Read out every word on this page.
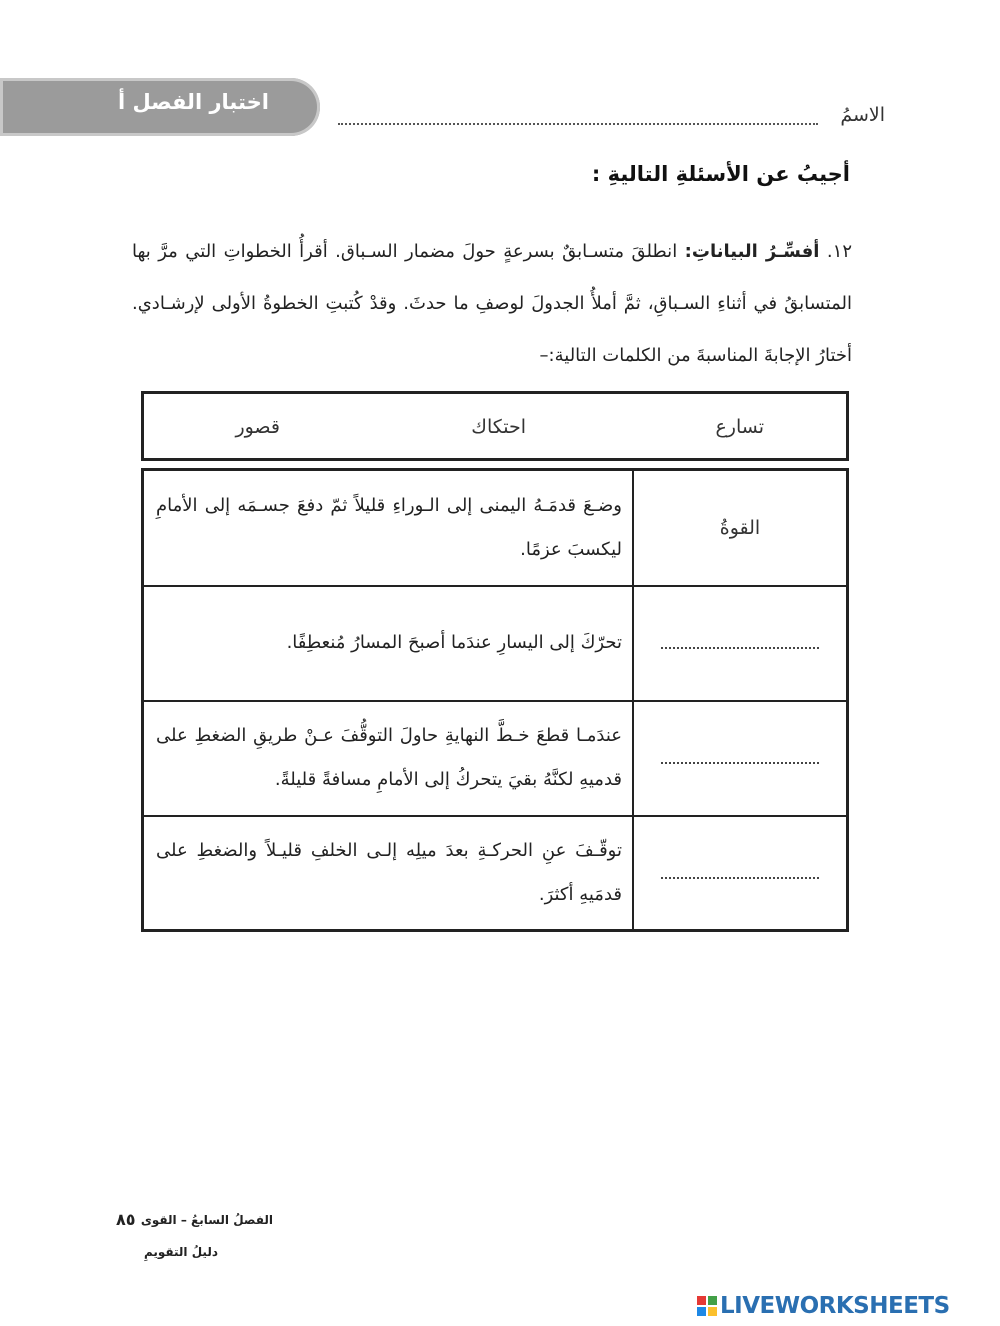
اختبار الفصل أ
الاسمُ
أجيبُ عن الأسئلةِ التاليةِ :
١٢. أفسِّـرُ البياناتِ: انطلقَ متسـابقٌ بسرعةٍ حولَ مضمار السـباق. أقرأُ الخطواتِ التي مرَّ بها المتسابقُ في أثناءِ السـباقِ، ثمَّ أملأُ الجدولَ لوصفِ ما حدثَ. وقدْ كُتبتِ الخطوةُ الأولى لإرشـادي. أختارُ الإجابةَ المناسبةَ من الكلمات التالية:–
تسارع
احتكاك
قصور
القوةُ	وضـعَ قدمَـهُ اليمنى إلى الـوراءِ قليلاً ثمّ دفعَ جسـمَه إلى الأمامِ ليكسبَ عزمًا.
	تحرّكَ إلى اليسارِ عندَما أصبحَ المسارُ مُنعطِفًا.
	عندَمـا قطعَ خـطَّ النهايةِ حاولَ التوقُّفَ عـنْ طريقِ الضغطِ على قدميهِ لكنَّهُ بقيَ يتحركُ إلى الأمامِ مسافةً قليلةً.
	توقّـفَ عنِ الحركـةِ بعدَ ميلِه إلـى الخلفِ قليـلاً والضغطِ على قدمَيهِ أكثرَ.
الفصلُ السابعُ – القوى
٨٥
دليلُ التقويمِ
LIVEWORKSHEETS
